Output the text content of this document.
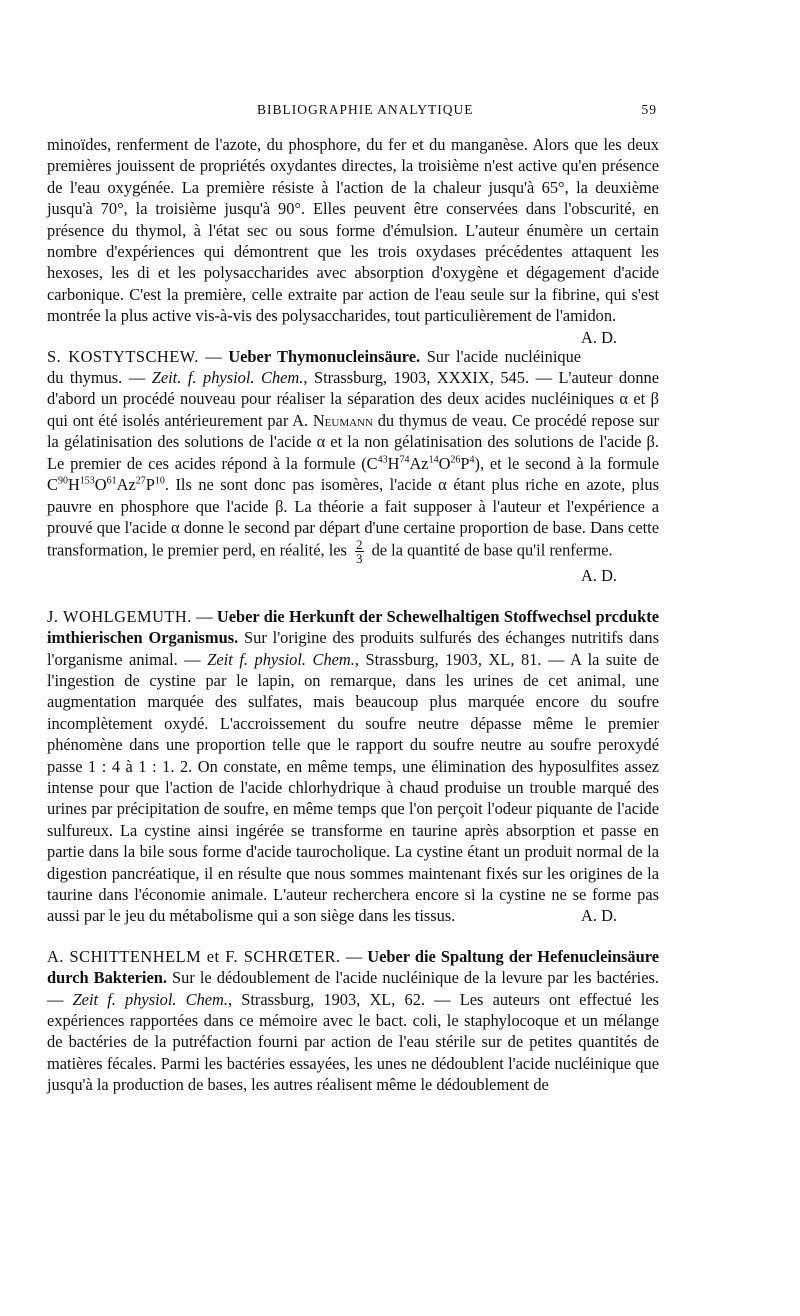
BIBLIOGRAPHIE ANALYTIQUE	59

minoïdes, renferment de l'azote, du phosphore, du fer et du manganèse. Alors que les deux premières jouissent de propriétés oxydantes directes, la troisième n'est active qu'en présence de l'eau oxygénée. La première résiste à l'action de la chaleur jusqu'à 65°, la deuxième jusqu'à 70°, la troisième jusqu'à 90°. Elles peuvent être conservées dans l'obscurité, en présence du thymol, à l'état sec ou sous forme d'émulsion. L'auteur énumère un certain nombre d'expériences qui démontrent que les trois oxydases précédentes attaquent les hexoses, les di et les polysaccharides avec absorption d'oxygène et dégagement d'acide carbonique. C'est la première, celle extraite par action de l'eau seule sur la fibrine, qui s'est montrée la plus active vis-à-vis des polysaccharides, tout particulièrement de l'amidon.
A. D.

S. KOSTYTSCHEW. — Ueber Thymonucleinsäure. Sur l'acide nucléinique du thymus. — Zeit. f. physiol. Chem., Strassburg, 1903, XXXIX, 545. — L'auteur donne d'abord un procédé nouveau pour réaliser la séparation des deux acides nucléiniques α et β qui ont été isolés antérieurement par A. Neumann du thymus de veau. Ce procédé repose sur la gélatinisation des solutions de l'acide α et la non gélatinisation des solutions de l'acide β. Le premier de ces acides répond à la formule $(C^{43}H^{74}Az^{14}O^{26}P^4)$, et le second à la formule $C^{90}H^{153}O^{61}Az^{27}P^{10}$. Ils ne sont donc pas isomères, l'acide α étant plus riche en azote, plus pauvre en phosphore que l'acide β. La théorie a fait supposer à l'auteur et l'expérience a prouvé que l'acide α donne le second par départ d'une certaine proportion de base. Dans cette transformation, le premier perd, en réalité, les $\frac{2}{3}$ de la quantité de base qu'il renferme.

A. D.

J. WOHLGEMUTH. — Ueber die Herkunft der Schewelhaltigen Stoffwechsel prcdukte imthierischen Organismus. Sur l'origine des produits sulfurés des échanges nutritifs dans l'organisme animal. — Zeit f. physiol. Chem., Strassburg, 1903, XL, 81. — A la suite de l'ingestion de cystine par le lapin, on remarque, dans les urines de cet animal, une augmentation marquée des sulfates, mais beaucoup plus marquée encore du soufre incomplètement oxydé. L'accroissement du soufre neutre dépasse même le premier phénomène dans une proportion telle que le rapport du soufre neutre au soufre peroxydé passe 1 : 4 à 1 : 1. 2. On constate, en même temps, une élimination des hyposulfites assez intense pour que l'action de l'acide chlorhydrique à chaud produise un trouble marqué des urines par précipitation de soufre, en même temps que l'on perçoit l'odeur piquante de l'acide sulfureux. La cystine ainsi ingérée se transforme en taurine après absorption et passe en partie dans la bile sous forme d'acide taurocholique. La cystine étant un produit normal de la digestion pancréatique, il en résulte que nous sommes maintenant fixés sur les origines de la taurine dans l'économie animale. L'auteur recherchera encore si la cystine ne se forme pas aussi par le jeu du métabolisme qui a son siège dans les tissus.	A. D.

A. SCHITTENHELM et F. SCHRŒTER. — Ueber die Spaltung der Hefenucleinsäure durch Bakterien. Sur le dédoublement de l'acide nucléinique de la levure par les bactéries. — Zeit f. physiol. Chem., Strassburg, 1903, XL, 62. — Les auteurs ont effectué les expériences rapportées dans ce mémoire avec le bact. coli, le staphylocoque et un mélange de bactéries de la putréfaction fourni par action de l'eau stérile sur de petites quantités de matières fécales. Parmi les bactéries essayées, les unes ne dédoublent l'acide nucléinique que jusqu'à la production de bases, les autres réalisent même le dédoublement de
